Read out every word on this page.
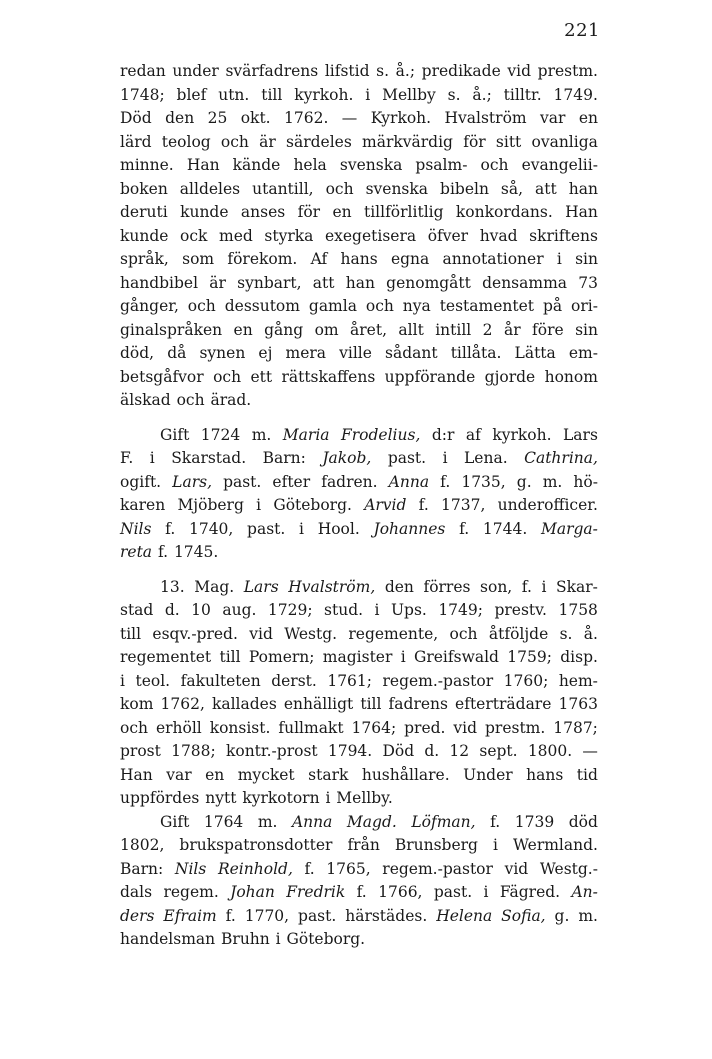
221
redan under svärfadrens lifstid s. å.; predikade vid prestm.
1748; blef utn. till kyrkoh. i Mellby s. å.; tilltr. 1749.
Död den 25 okt. 1762. — Kyrkoh. Hvalström var en
lärd teolog och är särdeles märkvärdig för sitt ovanliga
minne. Han kände hela svenska psalm- och evangelii-
boken alldeles utantill, och svenska bibeln så, att han
deruti kunde anses för en tillförlitlig konkordans. Han
kunde ock med styrka exegetisera öfver hvad skriftens
språk, som förekom. Af hans egna annotationer i sin
handbibel är synbart, att han genomgått densamma 73
gånger, och dessutom gamla och nya testamentet på ori-
ginalspråken en gång om året, allt intill 2 år före sin
död, då synen ej mera ville sådant tillåta. Lätta em-
betsgåfvor och ett rättskaffens uppförande gjorde honom
älskad och ärad.
Gift 1724 m. Maria Frodelius, d:r af kyrkoh. Lars
F. i Skarstad. Barn: Jakob, past. i Lena. Cathrina,
ogift. Lars, past. efter fadren. Anna f. 1735, g. m. hö-
karen Mjöberg i Göteborg. Arvid f. 1737, underofficer.
Nils f. 1740, past. i Hool. Johannes f. 1744. Marga-
reta f. 1745.
13. Mag. Lars Hvalström, den förres son, f. i Skar-
stad d. 10 aug. 1729; stud. i Ups. 1749; prestv. 1758
till esqv.-pred. vid Westg. regemente, och åtföljde s. å.
regementet till Pomern; magister i Greifswald 1759; disp.
i teol. fakulteten derst. 1761; regem.-pastor 1760; hem-
kom 1762, kallades enhälligt till fadrens efterträdare 1763
och erhöll konsist. fullmakt 1764; pred. vid prestm. 1787;
prost 1788; kontr.-prost 1794. Död d. 12 sept. 1800. —
Han var en mycket stark hushållare. Under hans tid
uppfördes nytt kyrkotorn i Mellby.
Gift 1764 m. Anna Magd. Löfman, f. 1739 död
1802, brukspatronsdotter från Brunsberg i Wermland.
Barn: Nils Reinhold, f. 1765, regem.-pastor vid Westg.-
dals regem. Johan Fredrik f. 1766, past. i Fägred. An-
ders Efraim f. 1770, past. härstädes. Helena Sofia, g. m.
handelsman Bruhn i Göteborg.
